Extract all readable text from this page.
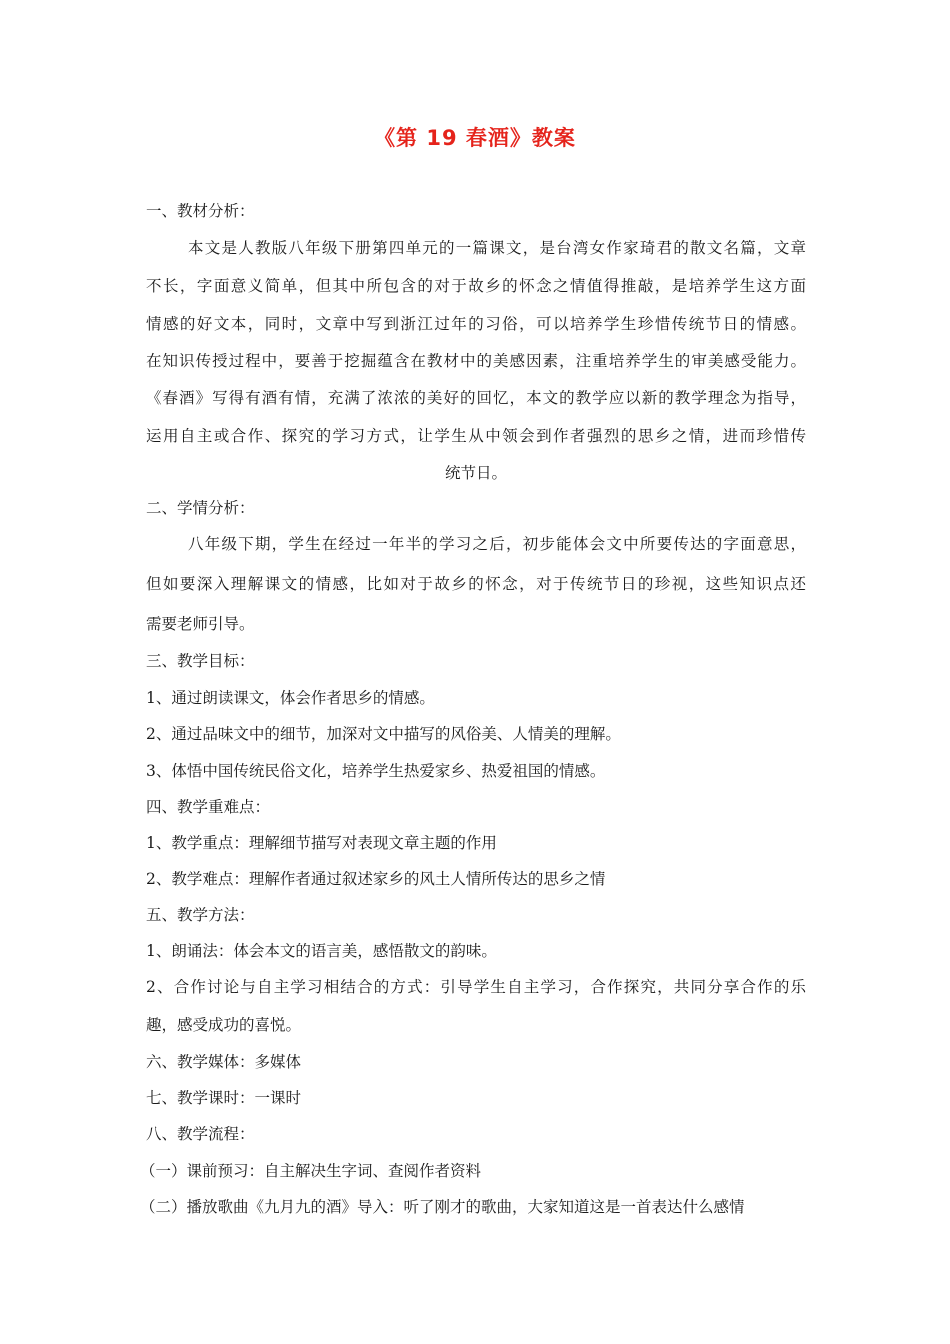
《第 19 春酒》教案
一、教材分析：
本文是人教版八年级下册第四单元的一篇课文，是台湾女作家琦君的散文名篇，文章
不长，字面意义简单，但其中所包含的对于故乡的怀念之情值得推敲，是培养学生这方面
情感的好文本，同时，文章中写到浙江过年的习俗，可以培养学生珍惜传统节日的情感。
在知识传授过程中，要善于挖掘蕴含在教材中的美感因素，注重培养学生的审美感受能力。
《春酒》写得有酒有情，充满了浓浓的美好的回忆，本文的教学应以新的教学理念为指导，
运用自主或合作、探究的学习方式，让学生从中领会到作者强烈的思乡之情，进而珍惜传
统节日。
二、学情分析：
八年级下期，学生在经过一年半的学习之后，初步能体会文中所要传达的字面意思，
但如要深入理解课文的情感，比如对于故乡的怀念，对于传统节日的珍视，这些知识点还
需要老师引导。
三、教学目标：
1、通过朗读课文，体会作者思乡的情感。
2、通过品味文中的细节，加深对文中描写的风俗美、人情美的理解。
3、体悟中国传统民俗文化，培养学生热爱家乡、热爱祖国的情感。
四、教学重难点：
1、教学重点：理解细节描写对表现文章主题的作用
2、教学难点：理解作者通过叙述家乡的风土人情所传达的思乡之情
五、教学方法：
1、朗诵法：体会本文的语言美，感悟散文的韵味。
2、合作讨论与自主学习相结合的方式：引导学生自主学习，合作探究，共同分享合作的乐
趣，感受成功的喜悦。
六、教学媒体：多媒体
七、教学课时：一课时
八、教学流程：
（一）课前预习：自主解决生字词、查阅作者资料
（二）播放歌曲《九月九的酒》导入：听了刚才的歌曲，大家知道这是一首表达什么感情
